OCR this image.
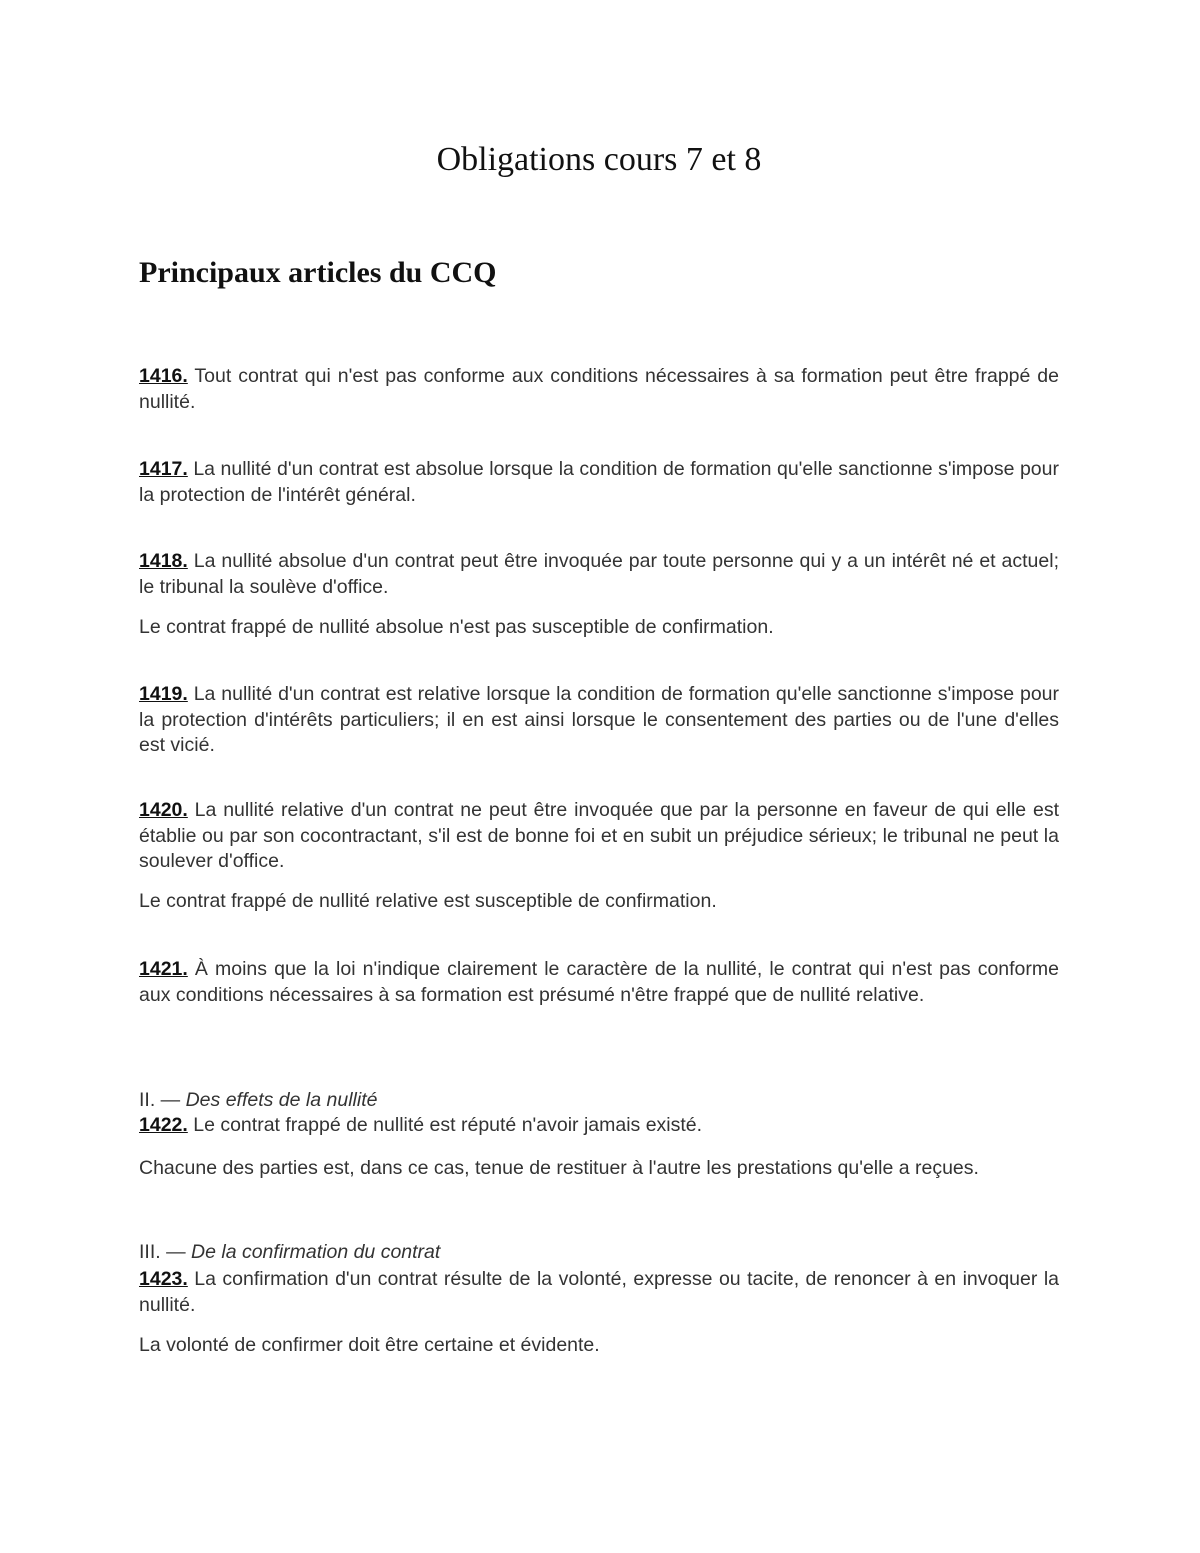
Obligations cours 7 et 8
Principaux articles du CCQ

1416. Tout contrat qui n'est pas conforme aux conditions nécessaires à sa formation peut être frappé de nullité.

1417. La nullité d'un contrat est absolue lorsque la condition de formation qu'elle sanctionne s'impose pour la protection de l'intérêt général.

1418. La nullité absolue d'un contrat peut être invoquée par toute personne qui y a un intérêt né et actuel; le tribunal la soulève d'office.

Le contrat frappé de nullité absolue n'est pas susceptible de confirmation.

1419. La nullité d'un contrat est relative lorsque la condition de formation qu'elle sanctionne s'impose pour la protection d'intérêts particuliers; il en est ainsi lorsque le consentement des parties ou de l'une d'elles est vicié.

1420. La nullité relative d'un contrat ne peut être invoquée que par la personne en faveur de qui elle est établie ou par son cocontractant, s'il est de bonne foi et en subit un préjudice sérieux; le tribunal ne peut la soulever d'office.

Le contrat frappé de nullité relative est susceptible de confirmation.

1421. À moins que la loi n'indique clairement le caractère de la nullité, le contrat qui n'est pas conforme aux conditions nécessaires à sa formation est présumé n'être frappé que de nullité relative.

II. — Des effets de la nullité

1422. Le contrat frappé de nullité est réputé n'avoir jamais existé.

Chacune des parties est, dans ce cas, tenue de restituer à l'autre les prestations qu'elle a reçues.

III. — De la confirmation du contrat

1423. La confirmation d'un contrat résulte de la volonté, expresse ou tacite, de renoncer à en invoquer la nullité.

La volonté de confirmer doit être certaine et évidente.
